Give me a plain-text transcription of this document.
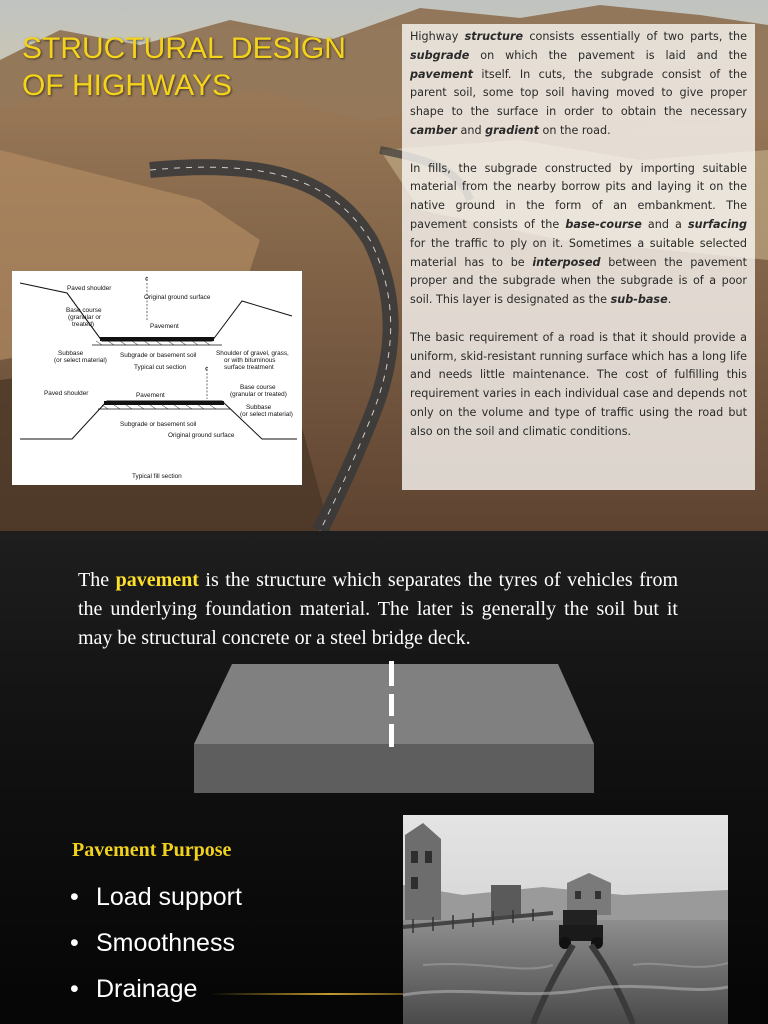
STRUCTURAL DESIGN OF HIGHWAYS

Highway structure consists essentially of two parts, the subgrade on which the pavement is laid and the pavement itself. In cuts, the subgrade consist of the parent soil, some top soil having moved to give proper shape to the surface in order to obtain the necessary camber and gradient on the road.

In fills, the subgrade constructed by importing suitable material from the nearby borrow pits and laying it on the native ground in the form of an embankment. The pavement consists of the base-course and a surfacing for the traffic to ply on it. Sometimes a suitable selected material has to be interposed between the pavement proper and the subgrade when the subgrade is of a poor soil. This layer is designated as the sub-base.

The basic requirement of a road is that it should provide a uniform, skid-resistant running surface which has a long life and needs little maintenance. The cost of fulfilling this requirement varies in each individual case and depends not only on the volume and type of traffic using the road but also on the soil and climatic conditions.

¢
¢
Paved shoulder
Original ground surface
Base course (granular or treated)	Pavement
Subbase (or select material)
Subgrade or basement soil
Typical cut section
Shoulder of gravel, grass, or with bituminous surface treatment
Paved shoulder	Pavement
Base course (granular or treated)
Subbase (or select material)
Subgrade or basement soil
Original ground surface
Typical fill section

The pavement is the structure which separates the tyres of vehicles from the underlying foundation material. The later is generally the soil but it may be structural concrete or a steel bridge deck.

Pavement Purpose
• Load support
• Smoothness
• Drainage
